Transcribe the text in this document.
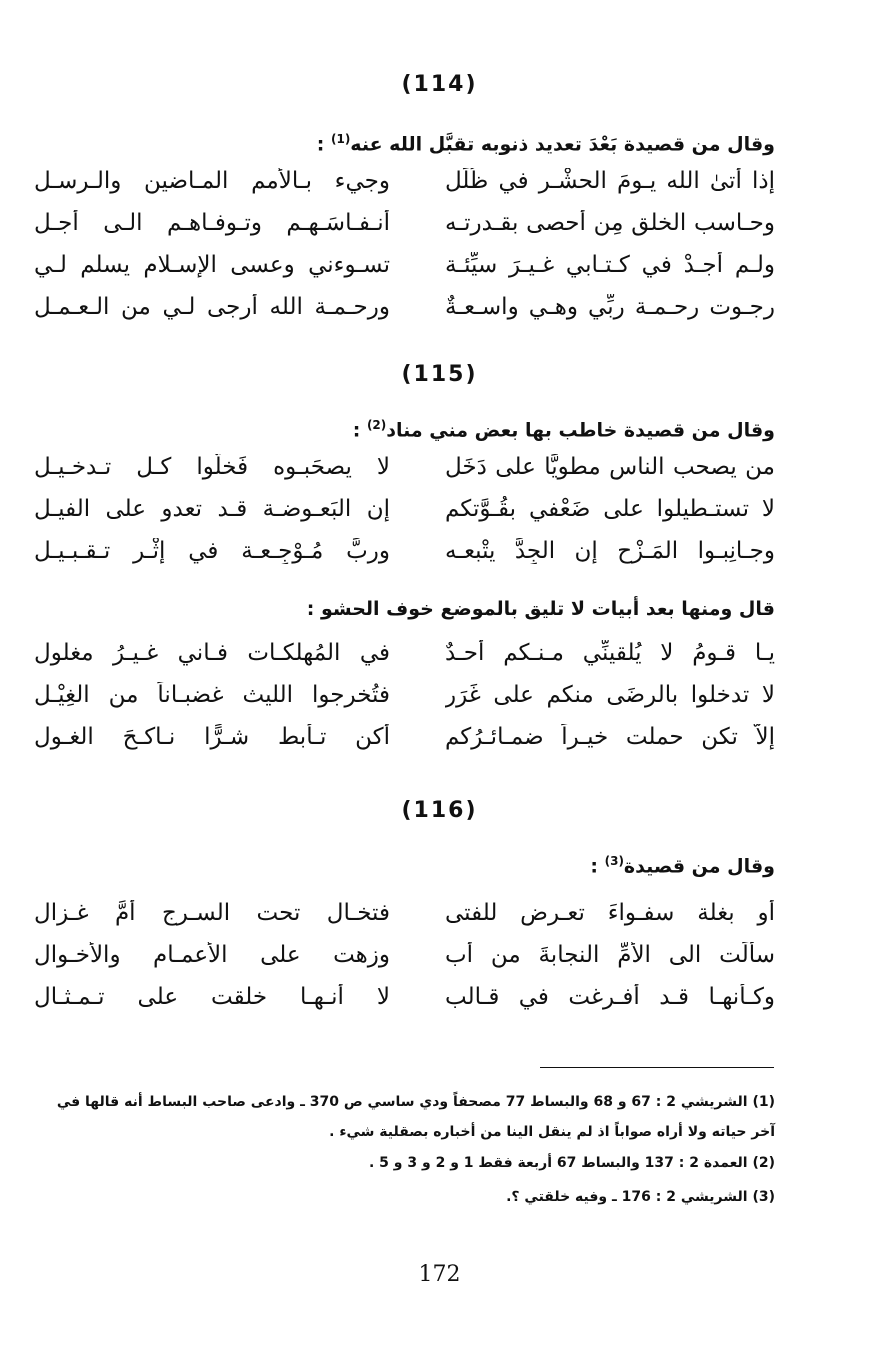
(114)
وقال من قصيدة بَعْدَ تعديد ذنوبه تقبَّل الله عنه$^{(1)}$ :
إذا أتىٰ الله يـومَ الحشْـرِ في ظُلَل
وجيء بـالأمم المـاضين والـرسـل
وحـاسب الخلق مِن أحصى بقـدرتـه
أنـفـاسَـهـم وتـوفـاهـم الـى أجـل
ولـم أجـدْ في كـتـابي غـيـرَ سيِّئـة
تسـوءني وعسى الإسـلام يسلم لـي
رجـوت رحـمـة ربِّي وهـي واسـعـةٌ
ورحـمـة الله أرجى لـي من الـعـمـل
(115)
وقال من قصيدة خاطب بها بعض مني مناد$^{(2)}$ :
من يصحب الناس مطويًّا على دَخَل
لا يصحَبـوه فَخلُّوا كـل تـدخـيـل
لا تستـطيلوا على ضَعْفي بقُـوَّتكم
إن البَعـوضـة قـد تعدو على الفيـل
وجـانِبـوا المَـزْح إن الجِدَّ يتْبعـه
وربَّ مُـوْجِـعـة في إثْـر تـقـبـيـل
قال ومنها بعد أبيات لا تليق بالموضع خوف الحشو :
يـا قـومُ لا يُلقينِّي مـنـكم أحـدٌ
في المُهلكـات فـاني غـيـرُ مغلول
لا تدخلوا بالرضَى منكم على غَرَر
فتُخرِجوا الليث غضبـاناً من الغِيْـل
إلاَّ تكن حملت خيـراً ضمـائـرُكم
أكن تـأبط شـرًّا نـاكـحَ الغـول
(116)
وقال من قصيدة$^{(3)}$ :
أو بغلة سفـواءَ تعـرض للفتى
فتخـال تحت السـرج أمَّ غـزال
سأَلَت الى الأمِّ النجابةَ من أب
وزهت على الأعمـام والأخـوال
وكـأنهـا قـد أفـرغت في قـالب
لا أنـهـا خلقت على تـمـثـال
(1) الشريشي 2 : 67 و 68 والبساط 77 مصحفاً ودي ساسي ص 370 ـ وادعى صاحب البساط أنه قالها في
آخر حياته ولا أراه صواباً اذ لم ينقل الينا من أخباره بصقلية شيء .
(2) العمدة 2 : 137 والبساط 67 أربعة فقط 1 و 2 و 3 و 5 .
(3) الشريشي 2 : 176 ـ وفيه خلقتي ؟.
172
